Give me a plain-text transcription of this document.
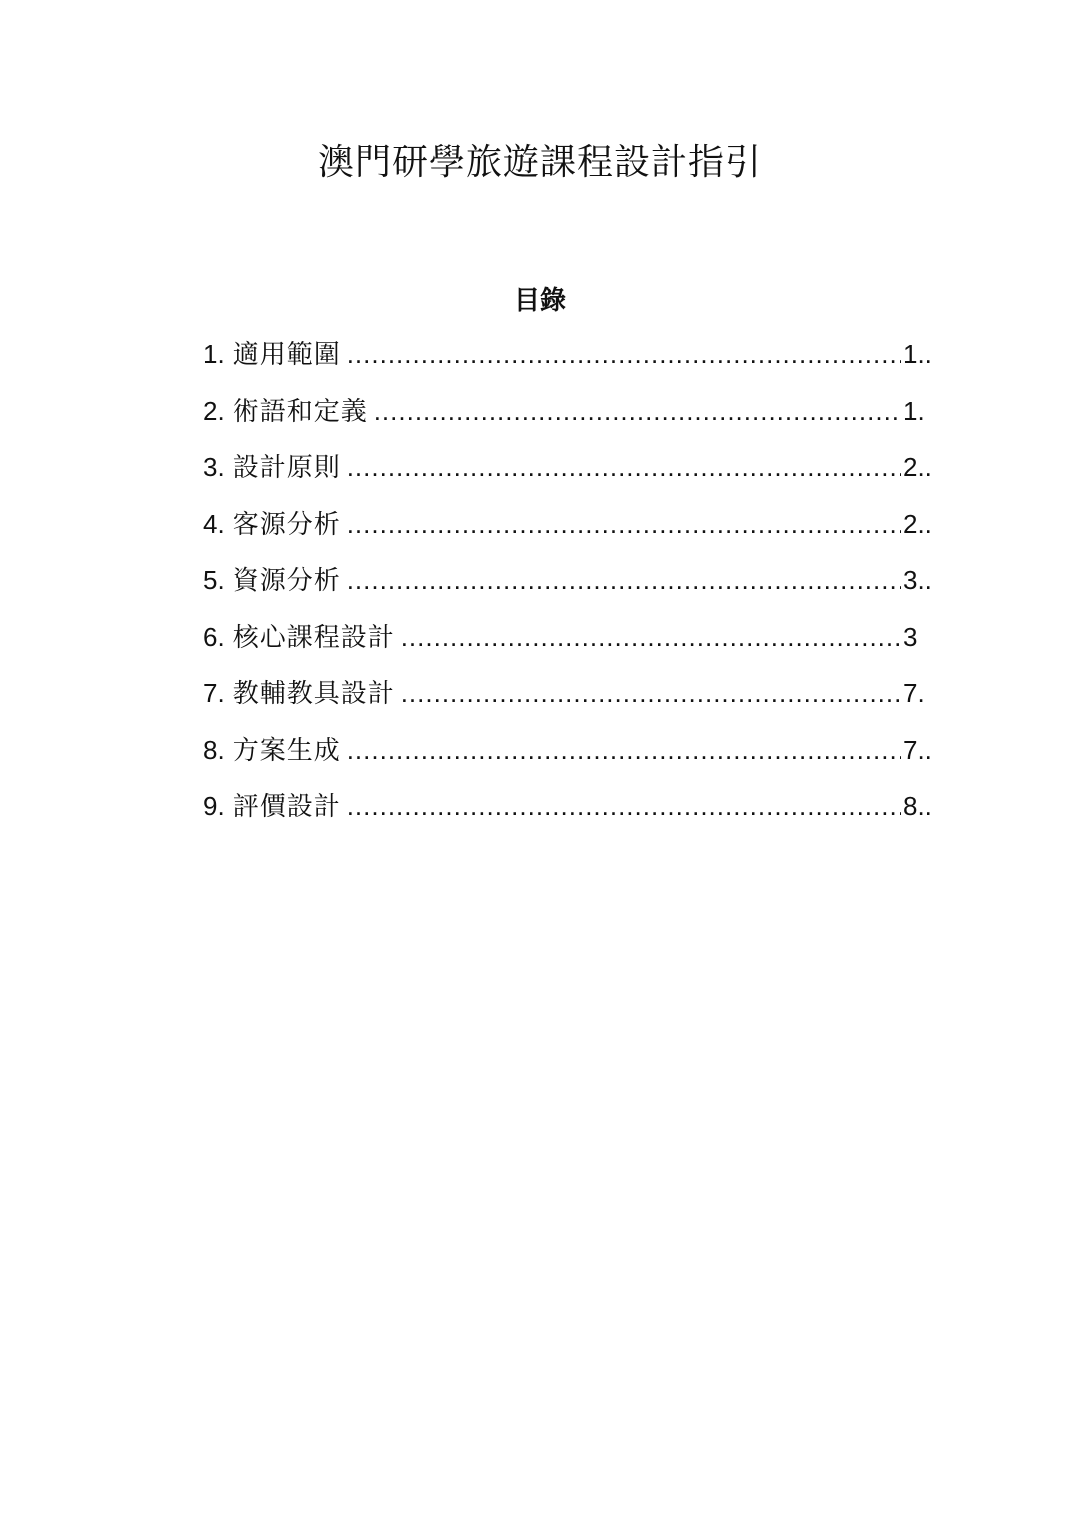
澳門研學旅遊課程設計指引
目錄
1. 適用範圍 .....	1..
2. 術語和定義 .....	1.
3. 設計原則 .....	2..
4. 客源分析 .....	2..
5. 資源分析 .....	3..
6. 核心課程設計 .....	3
7. 教輔教具設計 .....	7.
8. 方案生成 .....	7..
9. 評價設計 .....	8..
